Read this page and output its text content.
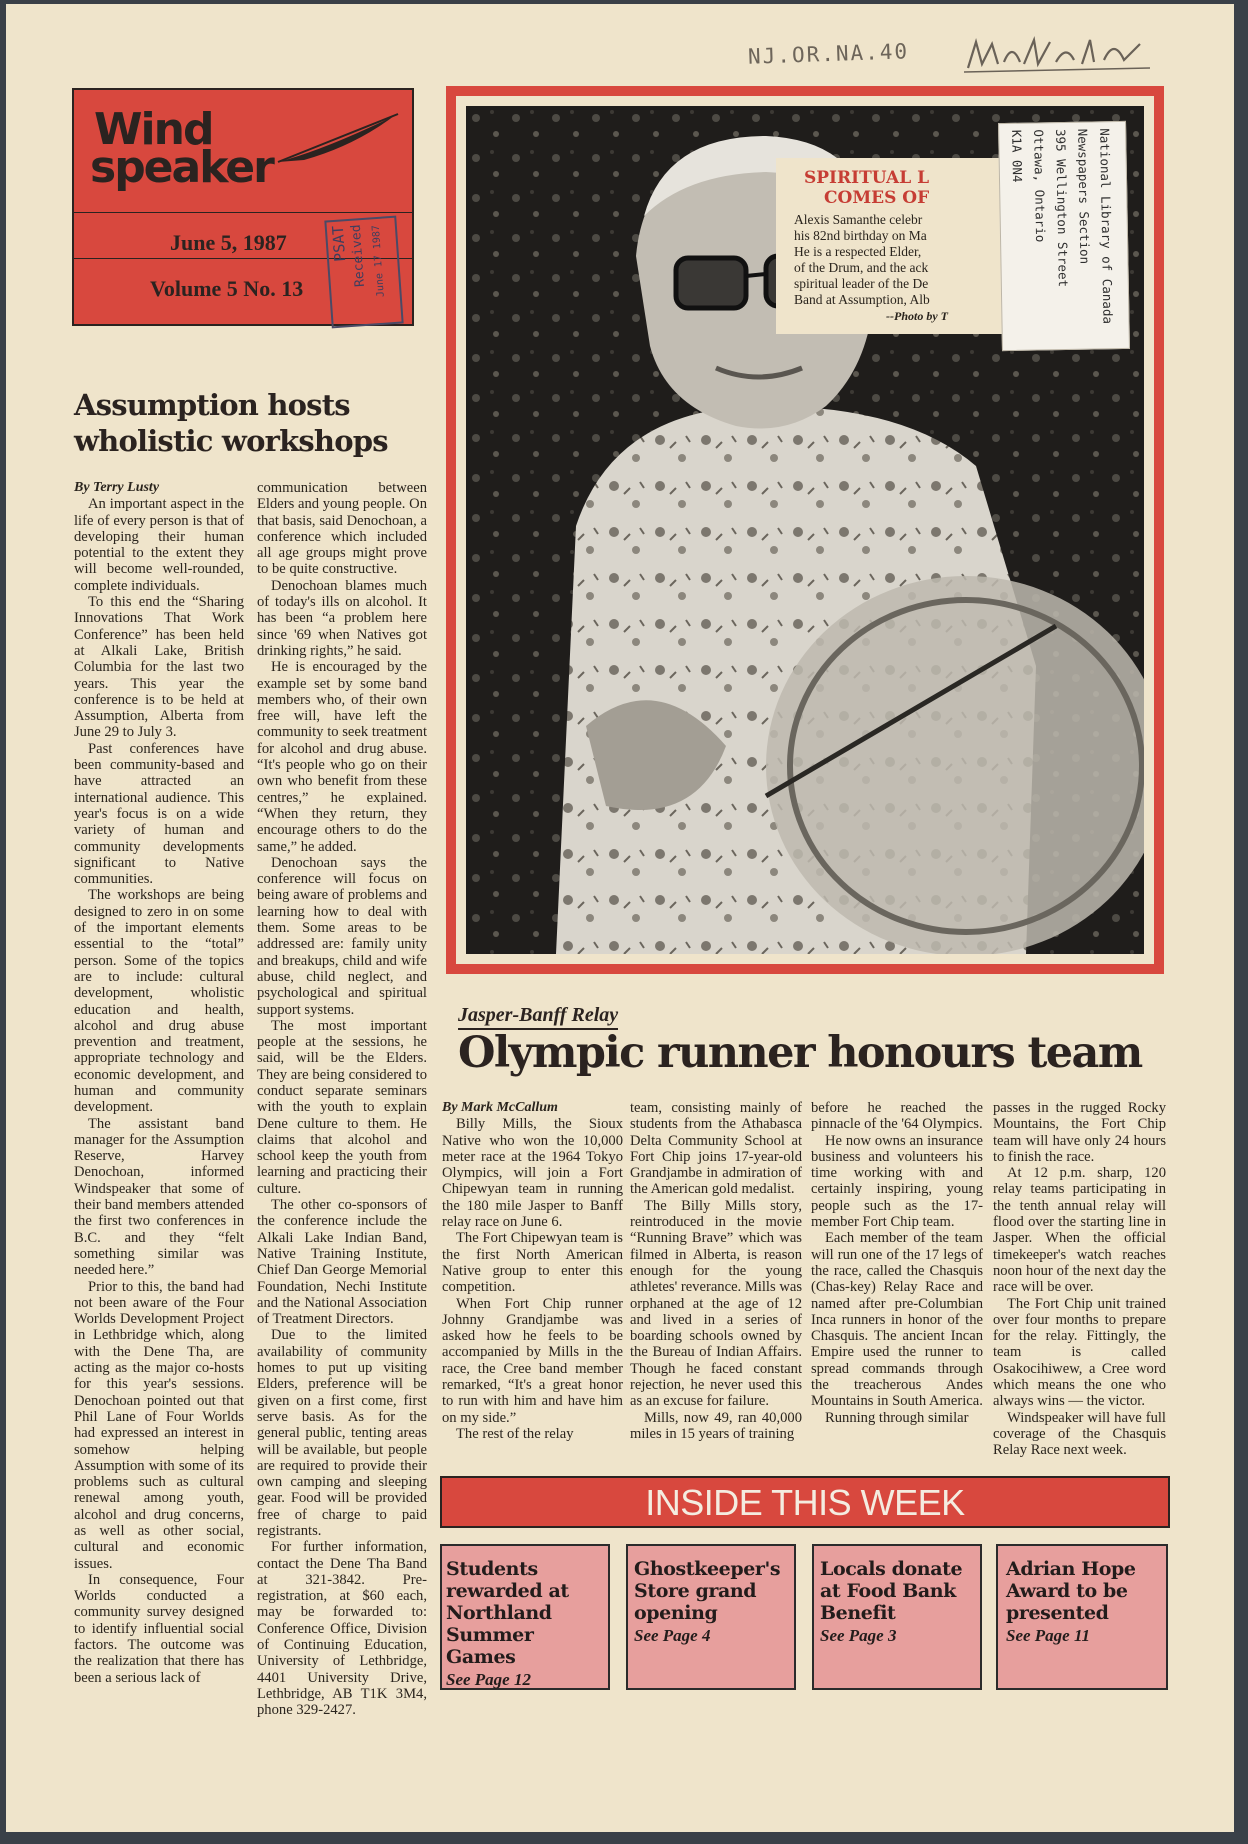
NJ.OR.NA.40
Wind
speaker
June 5, 1987
Volume 5 No. 13
PSAT Received June 17 1987
SPIRITUAL L
COMES OF
Alexis Samanthe celebr
his 82nd birthday on Ma
He is a respected Elder,
of the Drum, and the ack
spiritual leader of the De
Band at Assumption, Alb
--Photo by T	National Library of Canada
Newspapers Section
395 Wellington Street
Ottawa, Ontario
K1A 0N4
Assumption hosts
wholistic workshops

By Terry Lusty

An important aspect in the life of every person is that of developing their human potential to the extent they will become well-rounded, complete individuals.

To this end the “Sharing Innovations That Work Conference” has been held at Alkali Lake, British Columbia for the last two years. This year the conference is to be held at Assumption, Alberta from June 29 to July 3.

Past conferences have been community-based and have attracted an international audience. This year's focus is on a wide variety of human and community developments significant to Native communities.

The workshops are being designed to zero in on some of the important elements essential to the “total” person. Some of the topics are to include: cultural development, wholistic education and health, alcohol and drug abuse prevention and treatment, appropriate technology and economic development, and human and community development.

The assistant band manager for the Assumption Reserve, Harvey Denochoan, informed Windspeaker that some of their band members attended the first two conferences in B.C. and they “felt something similar was needed here.”

Prior to this, the band had not been aware of the Four Worlds Development Project in Lethbridge which, along with the Dene Tha, are acting as the major co-hosts for this year's sessions. Denochoan pointed out that Phil Lane of Four Worlds had expressed an interest in somehow helping Assumption with some of its problems such as cultural renewal among youth, alcohol and drug concerns, as well as other social, cultural and economic issues.

In consequence, Four Worlds conducted a community survey designed to identify influential social factors. The outcome was the realization that there has been a serious lack of

communication between Elders and young people. On that basis, said Denochoan, a conference which included all age groups might prove to be quite constructive.

Denochoan blames much of today's ills on alcohol. It has been “a problem here since '69 when Natives got drinking rights,” he said.

He is encouraged by the example set by some band members who, of their own free will, have left the community to seek treatment for alcohol and drug abuse. “It's people who go on their own who benefit from these centres,” he explained. “When they return, they encourage others to do the same,” he added.

Denochoan says the conference will focus on being aware of problems and learning how to deal with them. Some areas to be addressed are: family unity and breakups, child and wife abuse, child neglect, and psychological and spiritual support systems.

The most important people at the sessions, he said, will be the Elders. They are being considered to conduct separate seminars with the youth to explain Dene culture to them. He claims that alcohol and school keep the youth from learning and practicing their culture.

The other co-sponsors of the conference include the Alkali Lake Indian Band, Native Training Institute, Chief Dan George Memorial Foundation, Nechi Institute and the National Association of Treatment Directors.

Due to the limited availability of community homes to put up visiting Elders, preference will be given on a first come, first serve basis. As for the general public, tenting areas will be available, but people are required to provide their own camping and sleeping gear. Food will be provided free of charge to paid registrants.

For further information, contact the Dene Tha Band at 321-3842. Pre-registration, at $60 each, may be forwarded to: Conference Office, Division of Continuing Education, University of Lethbridge, 4401 University Drive, Lethbridge, AB T1K 3M4, phone 329-2427.

Jasper-Banff Relay
Olympic runner honours team

By Mark McCallum

Billy Mills, the Sioux Native who won the 10,000 meter race at the 1964 Tokyo Olympics, will join a Fort Chipewyan team in running the 180 mile Jasper to Banff relay race on June 6.

The Fort Chipewyan team is the first North American Native group to enter this competition.

When Fort Chip runner Johnny Grandjambe was asked how he feels to be accompanied by Mills in the race, the Cree band member remarked, “It's a great honor to run with him and have him on my side.”

The rest of the relay

team, consisting mainly of students from the Athabasca Delta Community School at Fort Chip joins 17-year-old Grandjambe in admiration of the American gold medalist.

The Billy Mills story, reintroduced in the movie “Running Brave” which was filmed in Alberta, is reason enough for the young athletes' reverance. Mills was orphaned at the age of 12 and lived in a series of boarding schools owned by the Bureau of Indian Affairs. Though he faced constant rejection, he never used this as an excuse for failure.

Mills, now 49, ran 40,000 miles in 15 years of training

before he reached the pinnacle of the '64 Olympics.

He now owns an insurance business and volunteers his time working with and certainly inspiring, young people such as the 17-member Fort Chip team.

Each member of the team will run one of the 17 legs of the race, called the Chasquis (Chas-key) Relay Race and named after pre-Columbian Inca runners in honor of the Chasquis. The ancient Incan Empire used the runner to spread commands through the treacherous Andes Mountains in South America.

Running through similar

passes in the rugged Rocky Mountains, the Fort Chip team will have only 24 hours to finish the race.

At 12 p.m. sharp, 120 relay teams participating in the tenth annual relay will flood over the starting line in Jasper. When the official timekeeper's watch reaches noon hour of the next day the race will be over.

The Fort Chip unit trained over four months to prepare for the relay. Fittingly, the team is called Osakocihiwew, a Cree word which means the one who always wins — the victor.

Windspeaker will have full coverage of the Chasquis Relay Race next week.

INSIDE THIS WEEK
Students rewarded at Northland Summer Games
See Page 12
Ghostkeeper's Store grand opening
See Page 4
Locals donate at Food Bank Benefit
See Page 3
Adrian Hope Award to be presented
See Page 11
